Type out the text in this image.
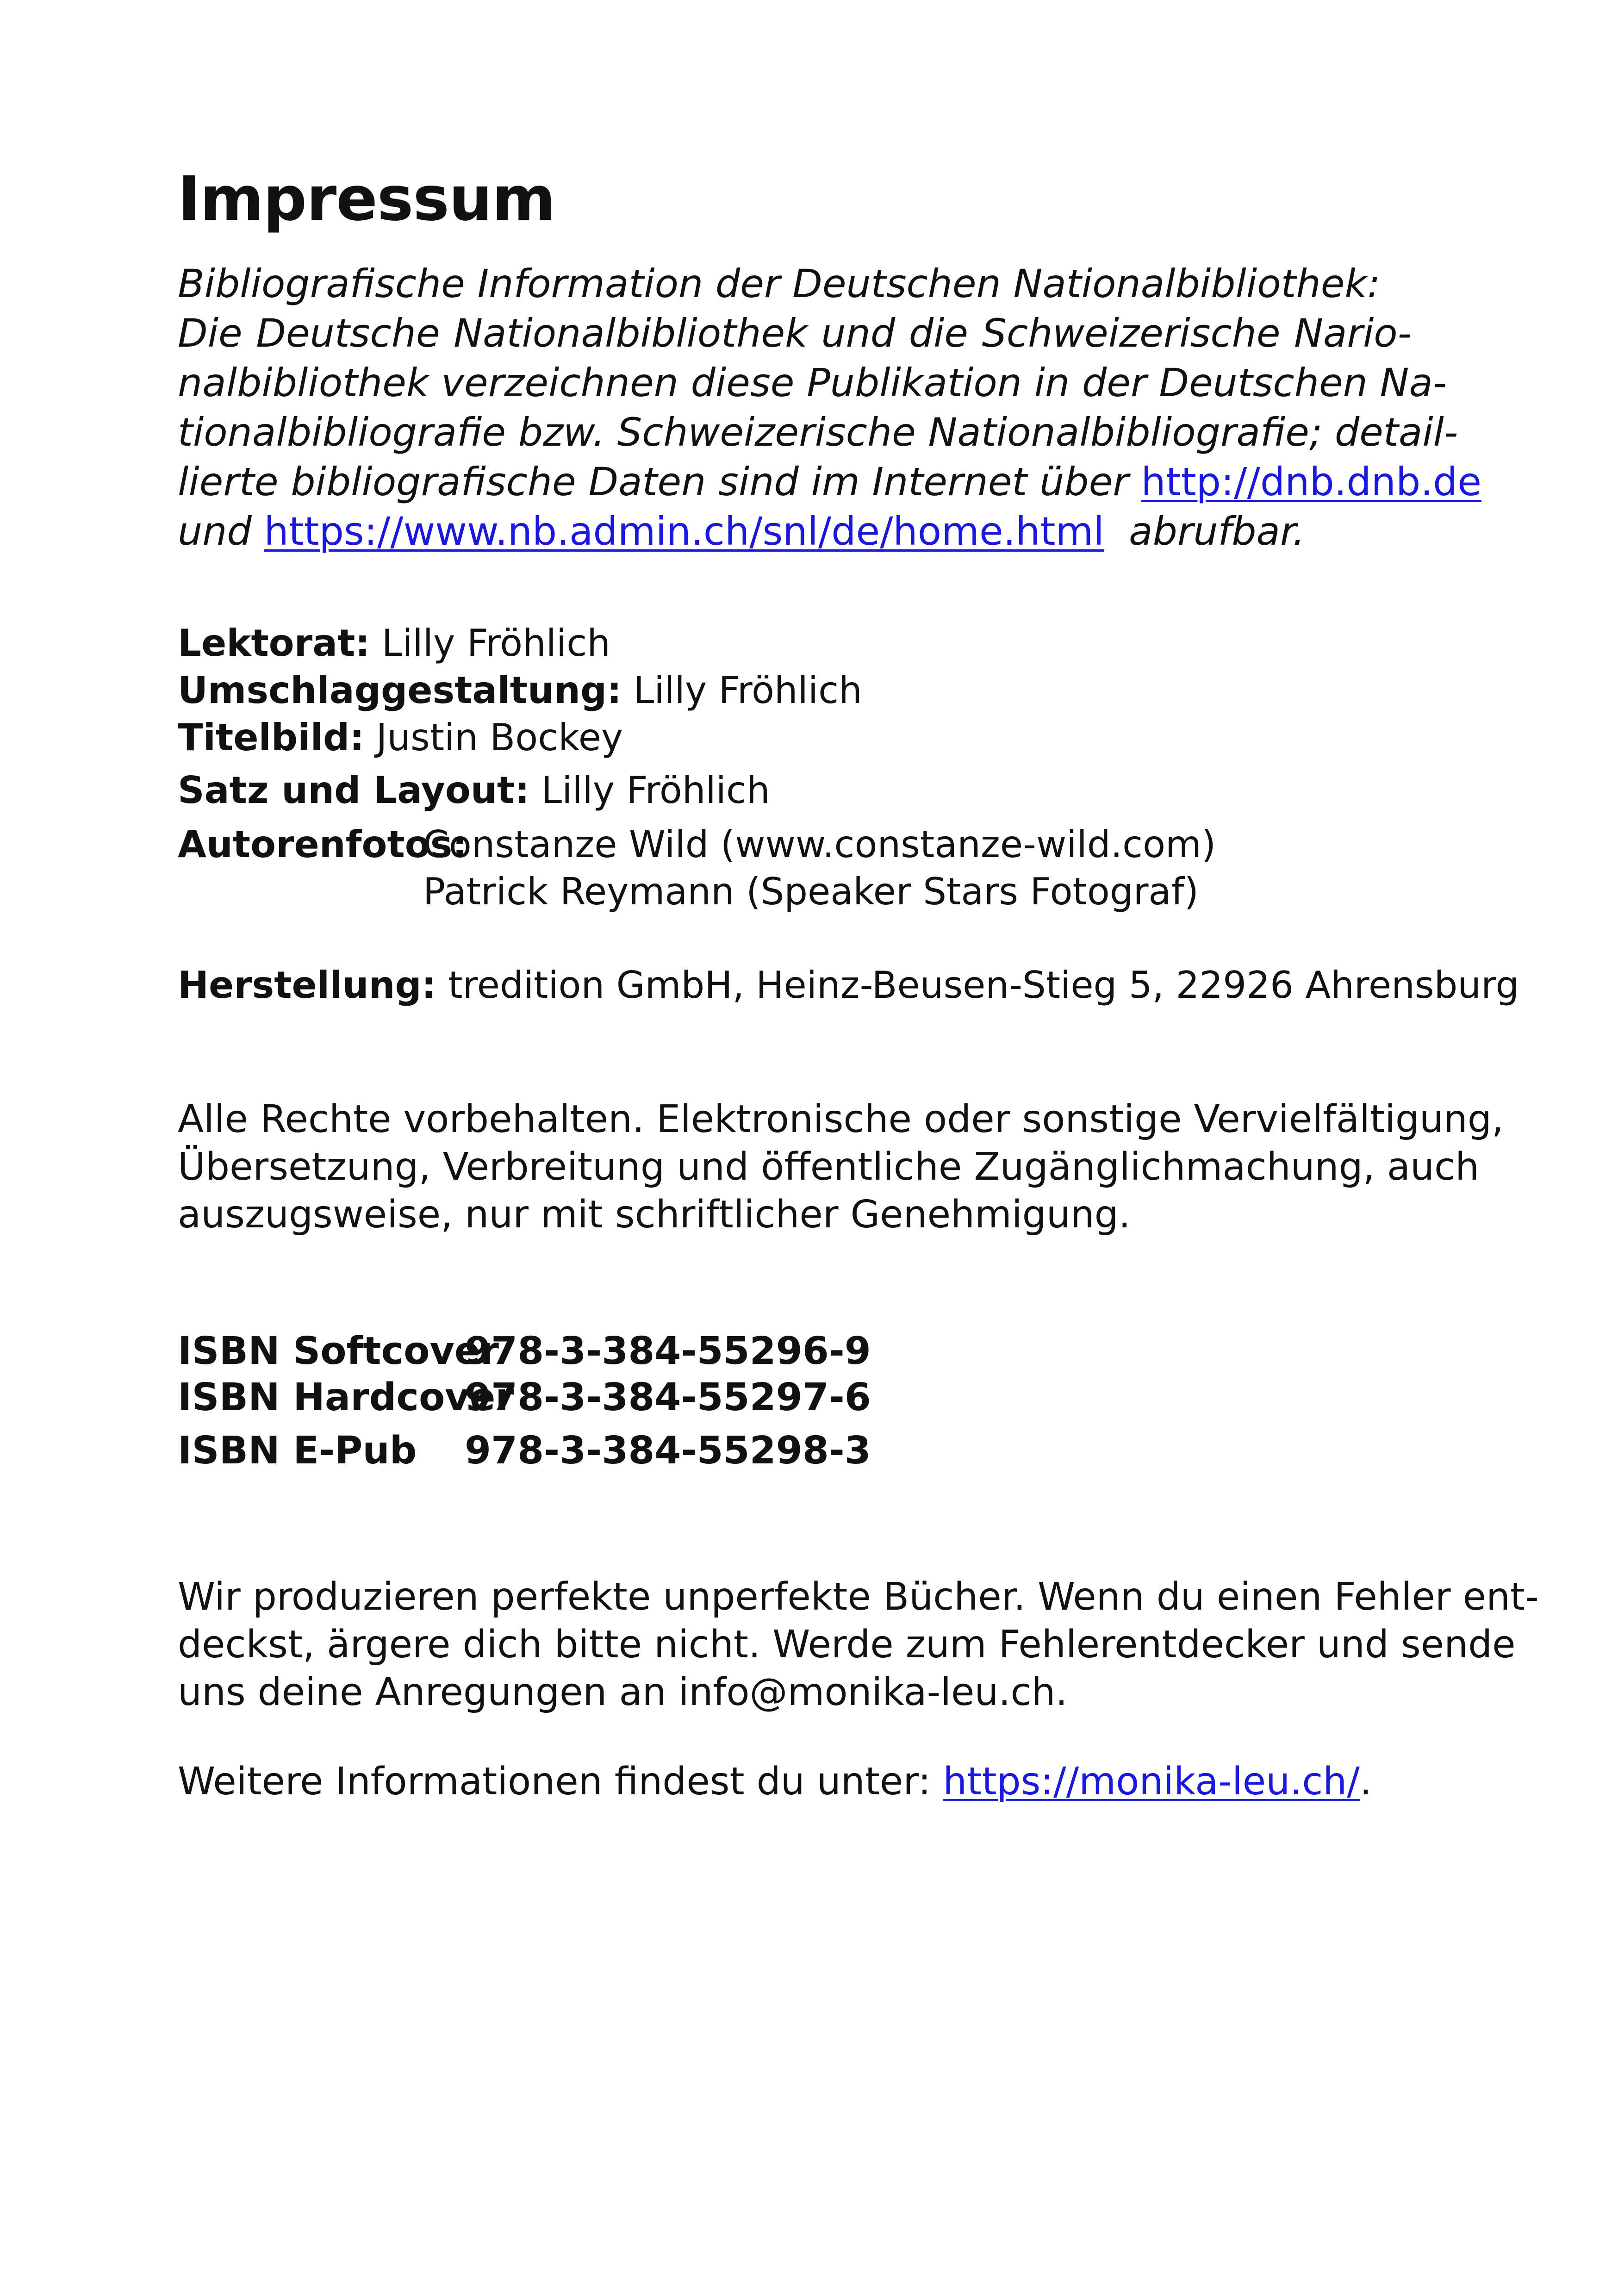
Impressum
Bibliografische Information der Deutschen Nationalbibliothek:
Die Deutsche Nationalbibliothek und die Schweizerische Nario-
nalbibliothek verzeichnen diese Publikation in der Deutschen Na-
tionalbibliografie bzw. Schweizerische Nationalbibliografie; detail-
lierte bibliografische Daten sind im Internet über http://dnb.dnb.de
und https://www.nb.admin.ch/snl/de/home.html abrufbar.
Lektorat: Lilly Fröhlich
Umschlaggestaltung: Lilly Fröhlich
Titelbild: Justin Bockey
Satz und Layout: Lilly Fröhlich
Autorenfotos:Constanze Wild (www.constanze-wild.com)
Patrick Reymann (Speaker Stars Fotograf)
Herstellung: tredition GmbH, Heinz-Beusen-Stieg 5, 22926 Ahrensburg
Alle Rechte vorbehalten. Elektronische oder sonstige Vervielfältigung,
Übersetzung, Verbreitung und öffentliche Zugänglichmachung, auch
auszugsweise, nur mit schriftlicher Genehmigung.
ISBN Softcover978-3-384-55296-9
ISBN Hardcover978-3-384-55297-6
ISBN E-Pub 978-3-384-55298-3
Wir produzieren perfekte unperfekte Bücher. Wenn du einen Fehler ent-
deckst, ärgere dich bitte nicht. Werde zum Fehlerentdecker und sende
uns deine Anregungen an info@monika-leu.ch.
Weitere Informationen findest du unter: https://monika-leu.ch/.
